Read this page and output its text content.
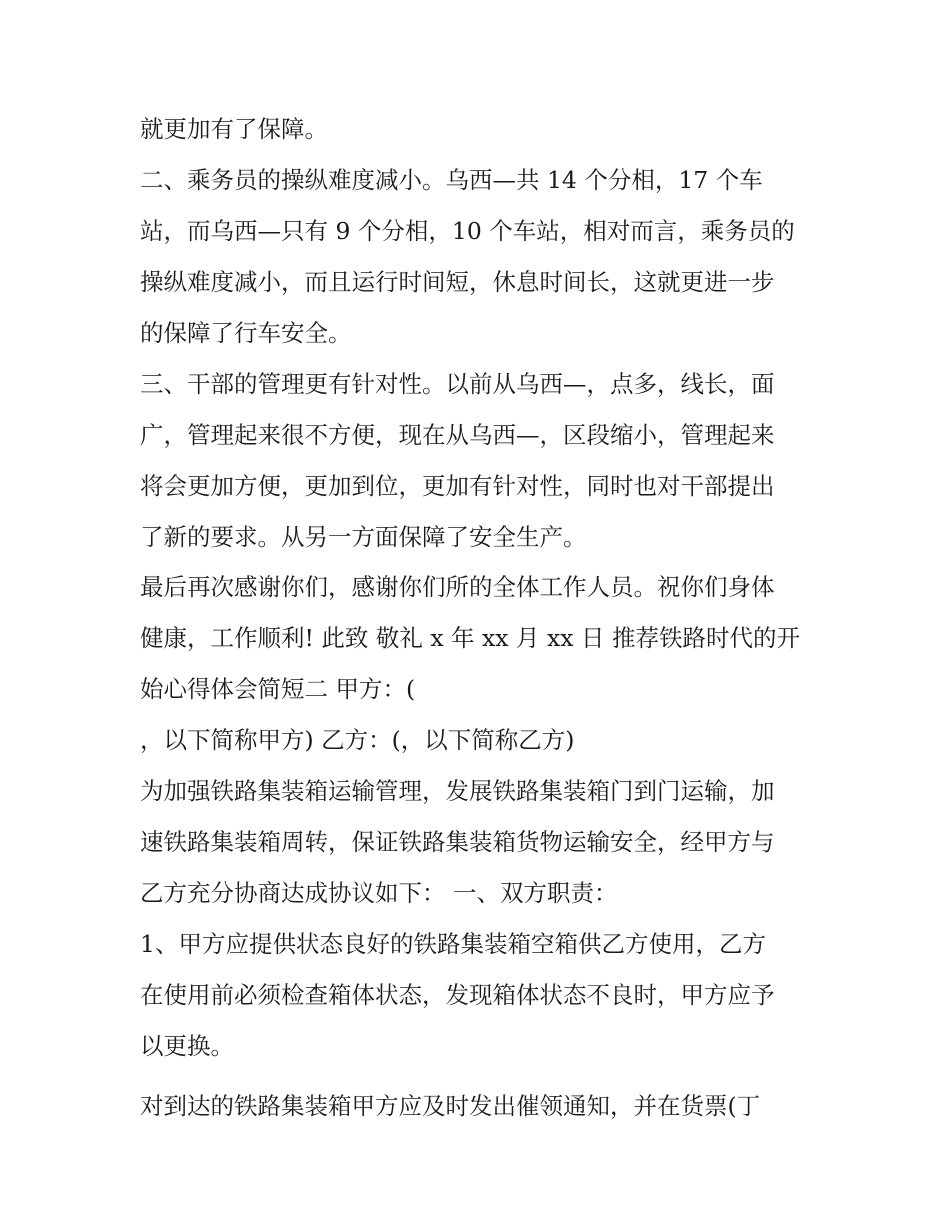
就更加有了保障。
二、乘务员的操纵难度减小。乌西—共 14 个分相，17 个车
站，而乌西—只有 9 个分相，10 个车站，相对而言，乘务员的
操纵难度减小，而且运行时间短，休息时间长，这就更进一步
的保障了行车安全。
三、干部的管理更有针对性。以前从乌西—，点多，线长，面
广，管理起来很不方便，现在从乌西—，区段缩小，管理起来
将会更加方便，更加到位，更加有针对性，同时也对干部提出
了新的要求。从另一方面保障了安全生产。
最后再次感谢你们，感谢你们所的全体工作人员。祝你们身体
健康，工作顺利! 此致 敬礼 x 年 xx 月 xx 日 推荐铁路时代的开
始心得体会简短二 甲方：(
，以下简称甲方) 乙方：(，以下简称乙方)
为加强铁路集装箱运输管理，发展铁路集装箱门到门运输，加
速铁路集装箱周转，保证铁路集装箱货物运输安全，经甲方与
乙方充分协商达成协议如下： 一、双方职责：
1、甲方应提供状态良好的铁路集装箱空箱供乙方使用，乙方
在使用前必须检查箱体状态，发现箱体状态不良时，甲方应予
以更换。
对到达的铁路集装箱甲方应及时发出催领通知，并在货票(丁
